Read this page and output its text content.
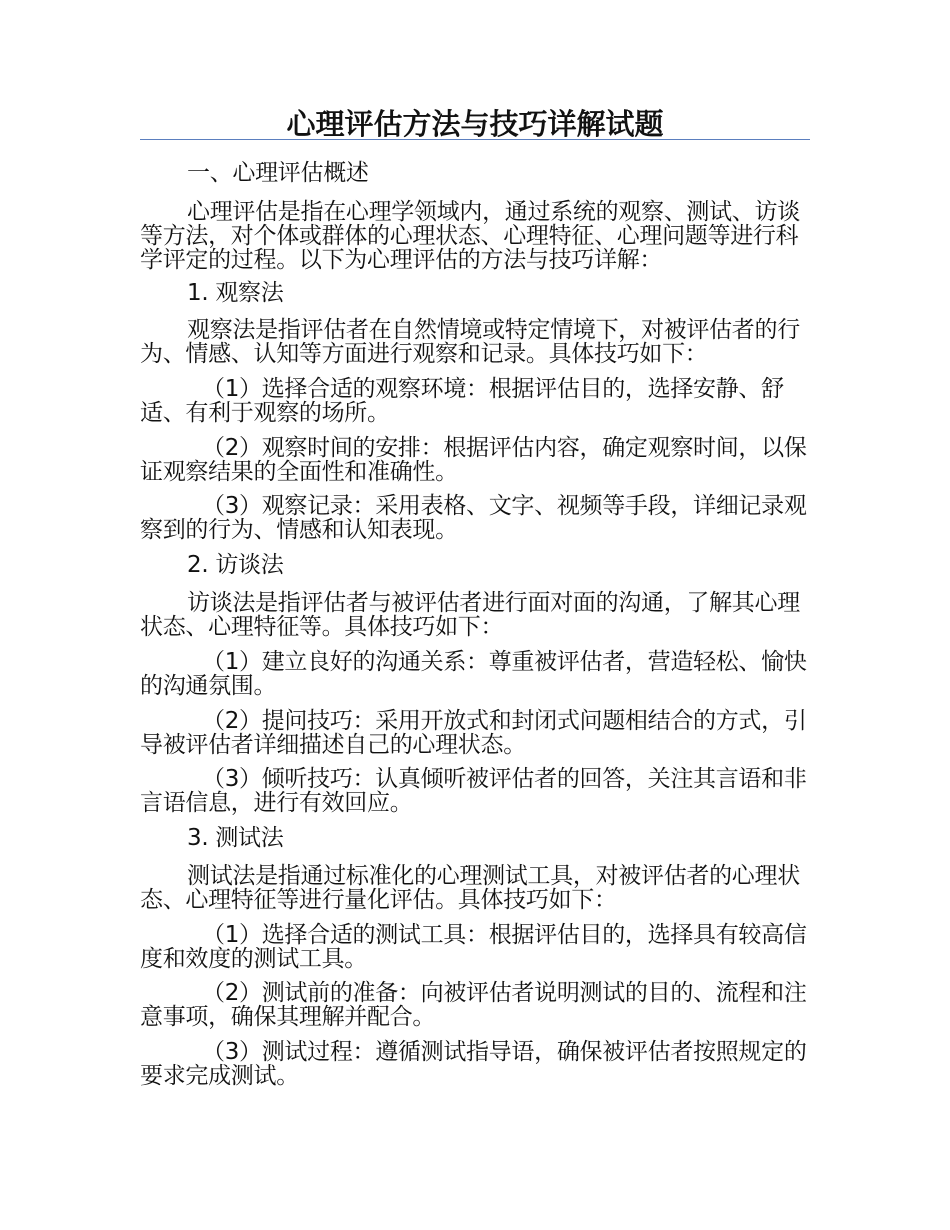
心理评估方法与技巧详解试题

一、心理评估概述

心理评估是指在心理学领域内，通过系统的观察、测试、访谈等方法，对个体或群体的心理状态、心理特征、心理问题等进行科学评定的过程。以下为心理评估的方法与技巧详解：

1. 观察法

观察法是指评估者在自然情境或特定情境下，对被评估者的行为、情感、认知等方面进行观察和记录。具体技巧如下：

（1）选择合适的观察环境：根据评估目的，选择安静、舒适、有利于观察的场所。

（2）观察时间的安排：根据评估内容，确定观察时间，以保证观察结果的全面性和准确性。

（3）观察记录：采用表格、文字、视频等手段，详细记录观察到的行为、情感和认知表现。

2. 访谈法

访谈法是指评估者与被评估者进行面对面的沟通，了解其心理状态、心理特征等。具体技巧如下：

（1）建立良好的沟通关系：尊重被评估者，营造轻松、愉快的沟通氛围。

（2）提问技巧：采用开放式和封闭式问题相结合的方式，引导被评估者详细描述自己的心理状态。

（3）倾听技巧：认真倾听被评估者的回答，关注其言语和非言语信息，进行有效回应。

3. 测试法

测试法是指通过标准化的心理测试工具，对被评估者的心理状态、心理特征等进行量化评估。具体技巧如下：

（1）选择合适的测试工具：根据评估目的，选择具有较高信度和效度的测试工具。

（2）测试前的准备：向被评估者说明测试的目的、流程和注意事项，确保其理解并配合。

（3）测试过程：遵循测试指导语，确保被评估者按照规定的要求完成测试。
